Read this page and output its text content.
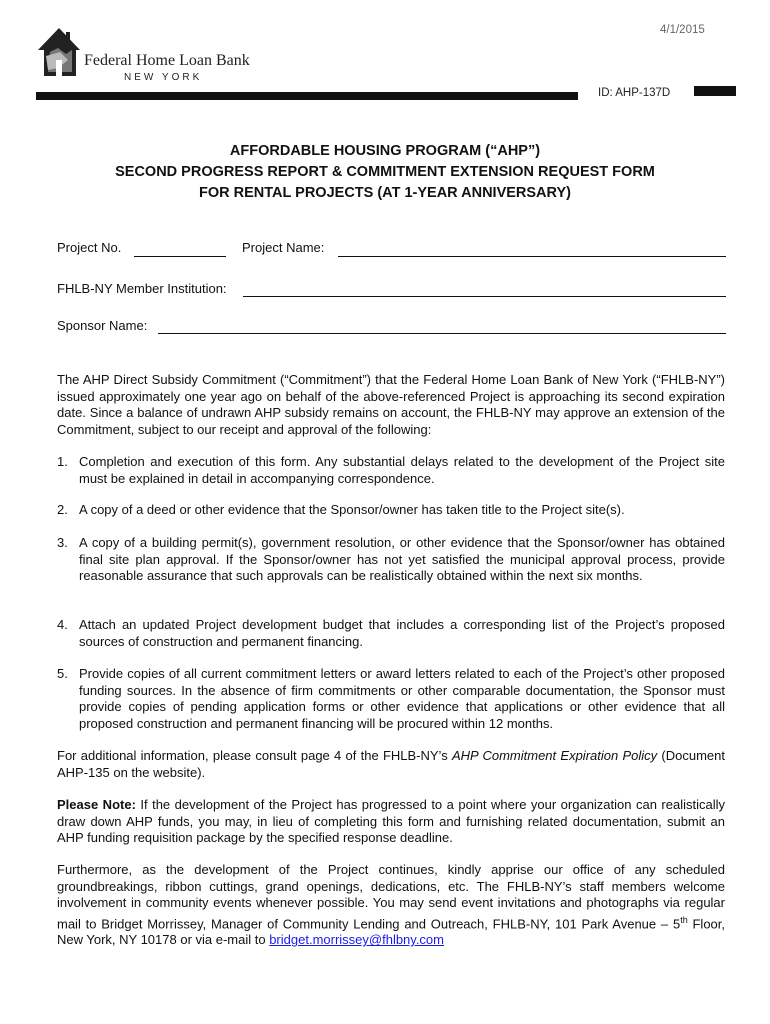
4/1/2015
Federal Home Loan Bank
NEW YORK
ID: AHP-137D
AFFORDABLE HOUSING PROGRAM (“AHP”)
SECOND PROGRESS REPORT & COMMITMENT EXTENSION REQUEST FORM
FOR RENTAL PROJECTS (AT 1-YEAR ANNIVERSARY)
Project No.	Project Name:
FHLB-NY Member Institution:
Sponsor Name:
The AHP Direct Subsidy Commitment (“Commitment”) that the Federal Home Loan Bank of New York (“FHLB-NY”) issued approximately one year ago on behalf of the above-referenced Project is approaching its second expiration date. Since a balance of undrawn AHP subsidy remains on account, the FHLB-NY may approve an extension of the Commitment, subject to our receipt and approval of the following:
1. Completion and execution of this form. Any substantial delays related to the development of the Project site must be explained in detail in accompanying correspondence.
2. A copy of a deed or other evidence that the Sponsor/owner has taken title to the Project site(s).
3. A copy of a building permit(s), government resolution, or other evidence that the Sponsor/owner has obtained final site plan approval. If the Sponsor/owner has not yet satisfied the municipal approval process, provide reasonable assurance that such approvals can be realistically obtained within the next six months.
4. Attach an updated Project development budget that includes a corresponding list of the Project’s proposed sources of construction and permanent financing.
5. Provide copies of all current commitment letters or award letters related to each of the Project’s other proposed funding sources. In the absence of firm commitments or other comparable documentation, the Sponsor must provide copies of pending application forms or other evidence that applications or other evidence that all proposed construction and permanent financing will be procured within 12 months.
For additional information, please consult page 4 of the FHLB-NY’s AHP Commitment Expiration Policy (Document AHP-135 on the website).
Please Note: If the development of the Project has progressed to a point where your organization can realistically draw down AHP funds, you may, in lieu of completing this form and furnishing related documentation, submit an AHP funding requisition package by the specified response deadline.
Furthermore, as the development of the Project continues, kindly apprise our office of any scheduled groundbreakings, ribbon cuttings, grand openings, dedications, etc. The FHLB-NY’s staff members welcome involvement in community events whenever possible. You may send event invitations and photographs via regular mail to Bridget Morrissey, Manager of Community Lending and Outreach, FHLB-NY, 101 Park Avenue – 5th Floor, New York, NY 10178 or via e-mail to bridget.morrissey@fhlbny.com
